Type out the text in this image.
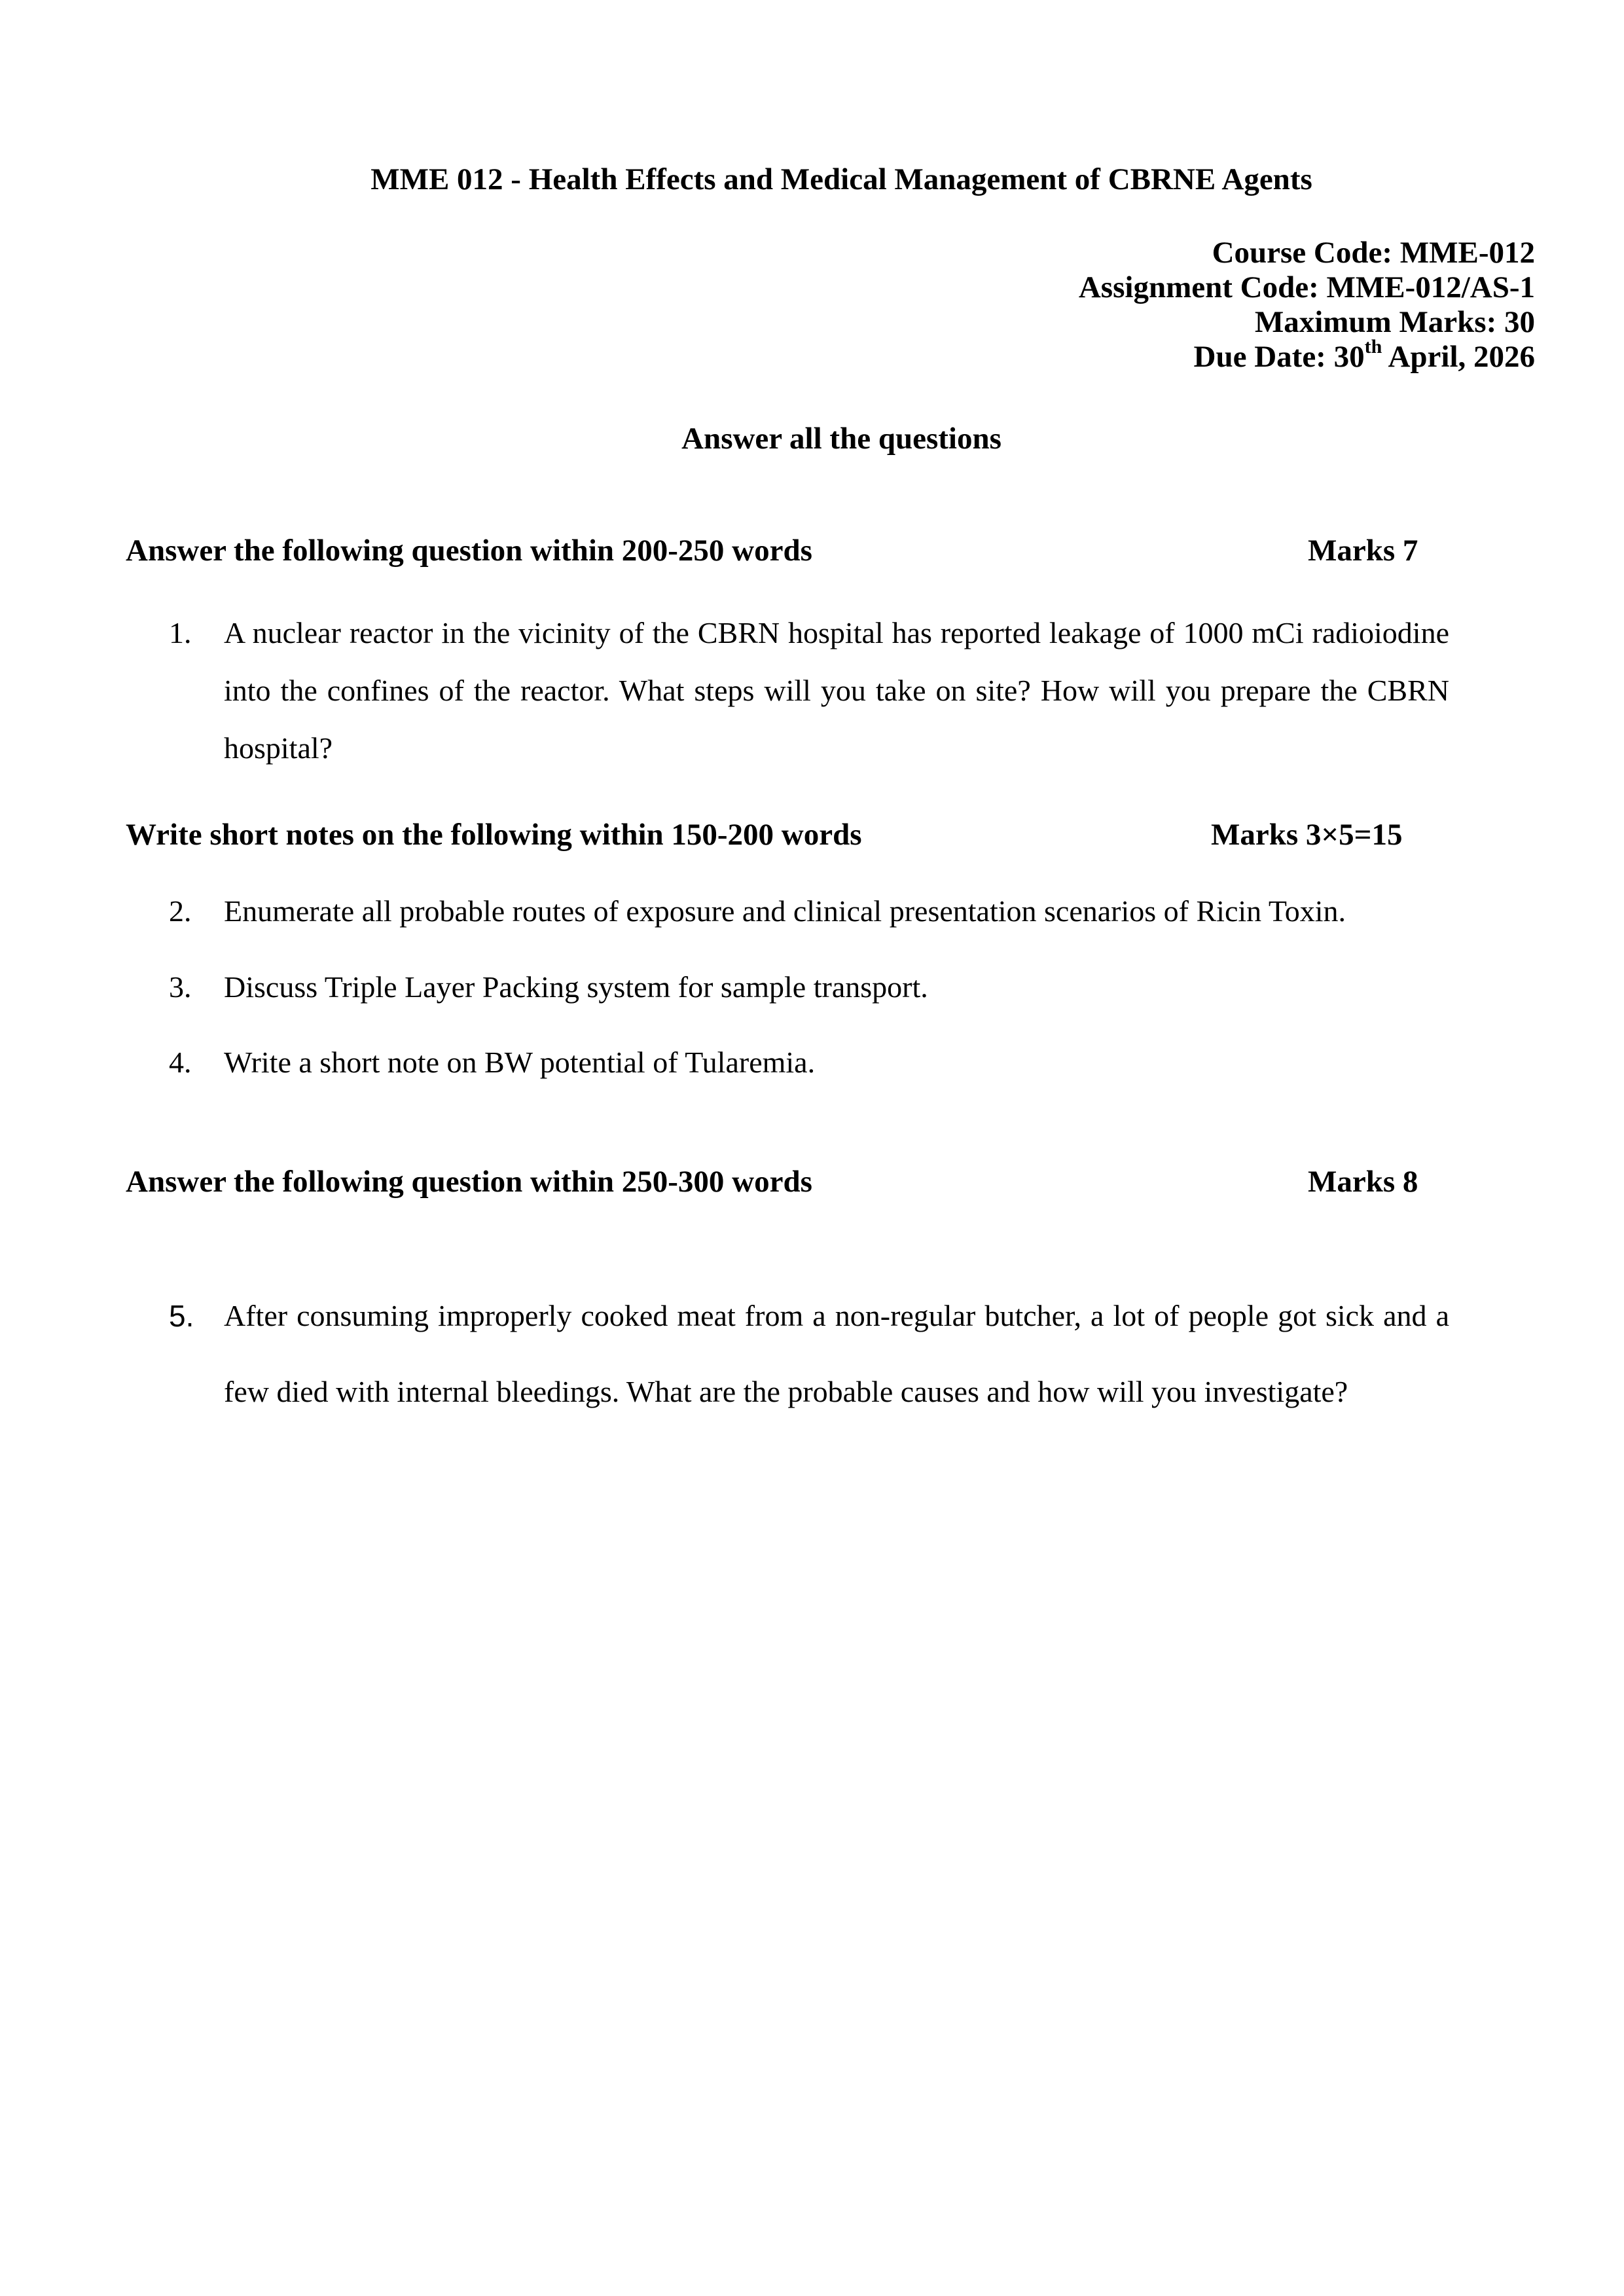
MME 012 - Health Effects and Medical Management of CBRNE Agents
Course Code: MME-012
Assignment Code: MME-012/AS-1
Maximum Marks: 30
Due Date: 30th April, 2026
Answer all the questions
Answer the following question within 200-250 words	Marks 7
1.	A nuclear reactor in the vicinity of the CBRN hospital has reported leakage of 1000 mCi radioiodine into the confines of the reactor. What steps will you take on site? How will you prepare the CBRN hospital?
Write short notes on the following within 150-200 words	Marks 3×5=15
2.	Enumerate all probable routes of exposure and clinical presentation scenarios of Ricin Toxin.
3.	Discuss Triple Layer Packing system for sample transport.
4.	Write a short note on BW potential of Tularemia.
Answer the following question within 250-300 words	Marks 8
5. After consuming improperly cooked meat from a non-regular butcher, a lot of people got sick and a few died with internal bleedings. What are the probable causes and how will you investigate?
